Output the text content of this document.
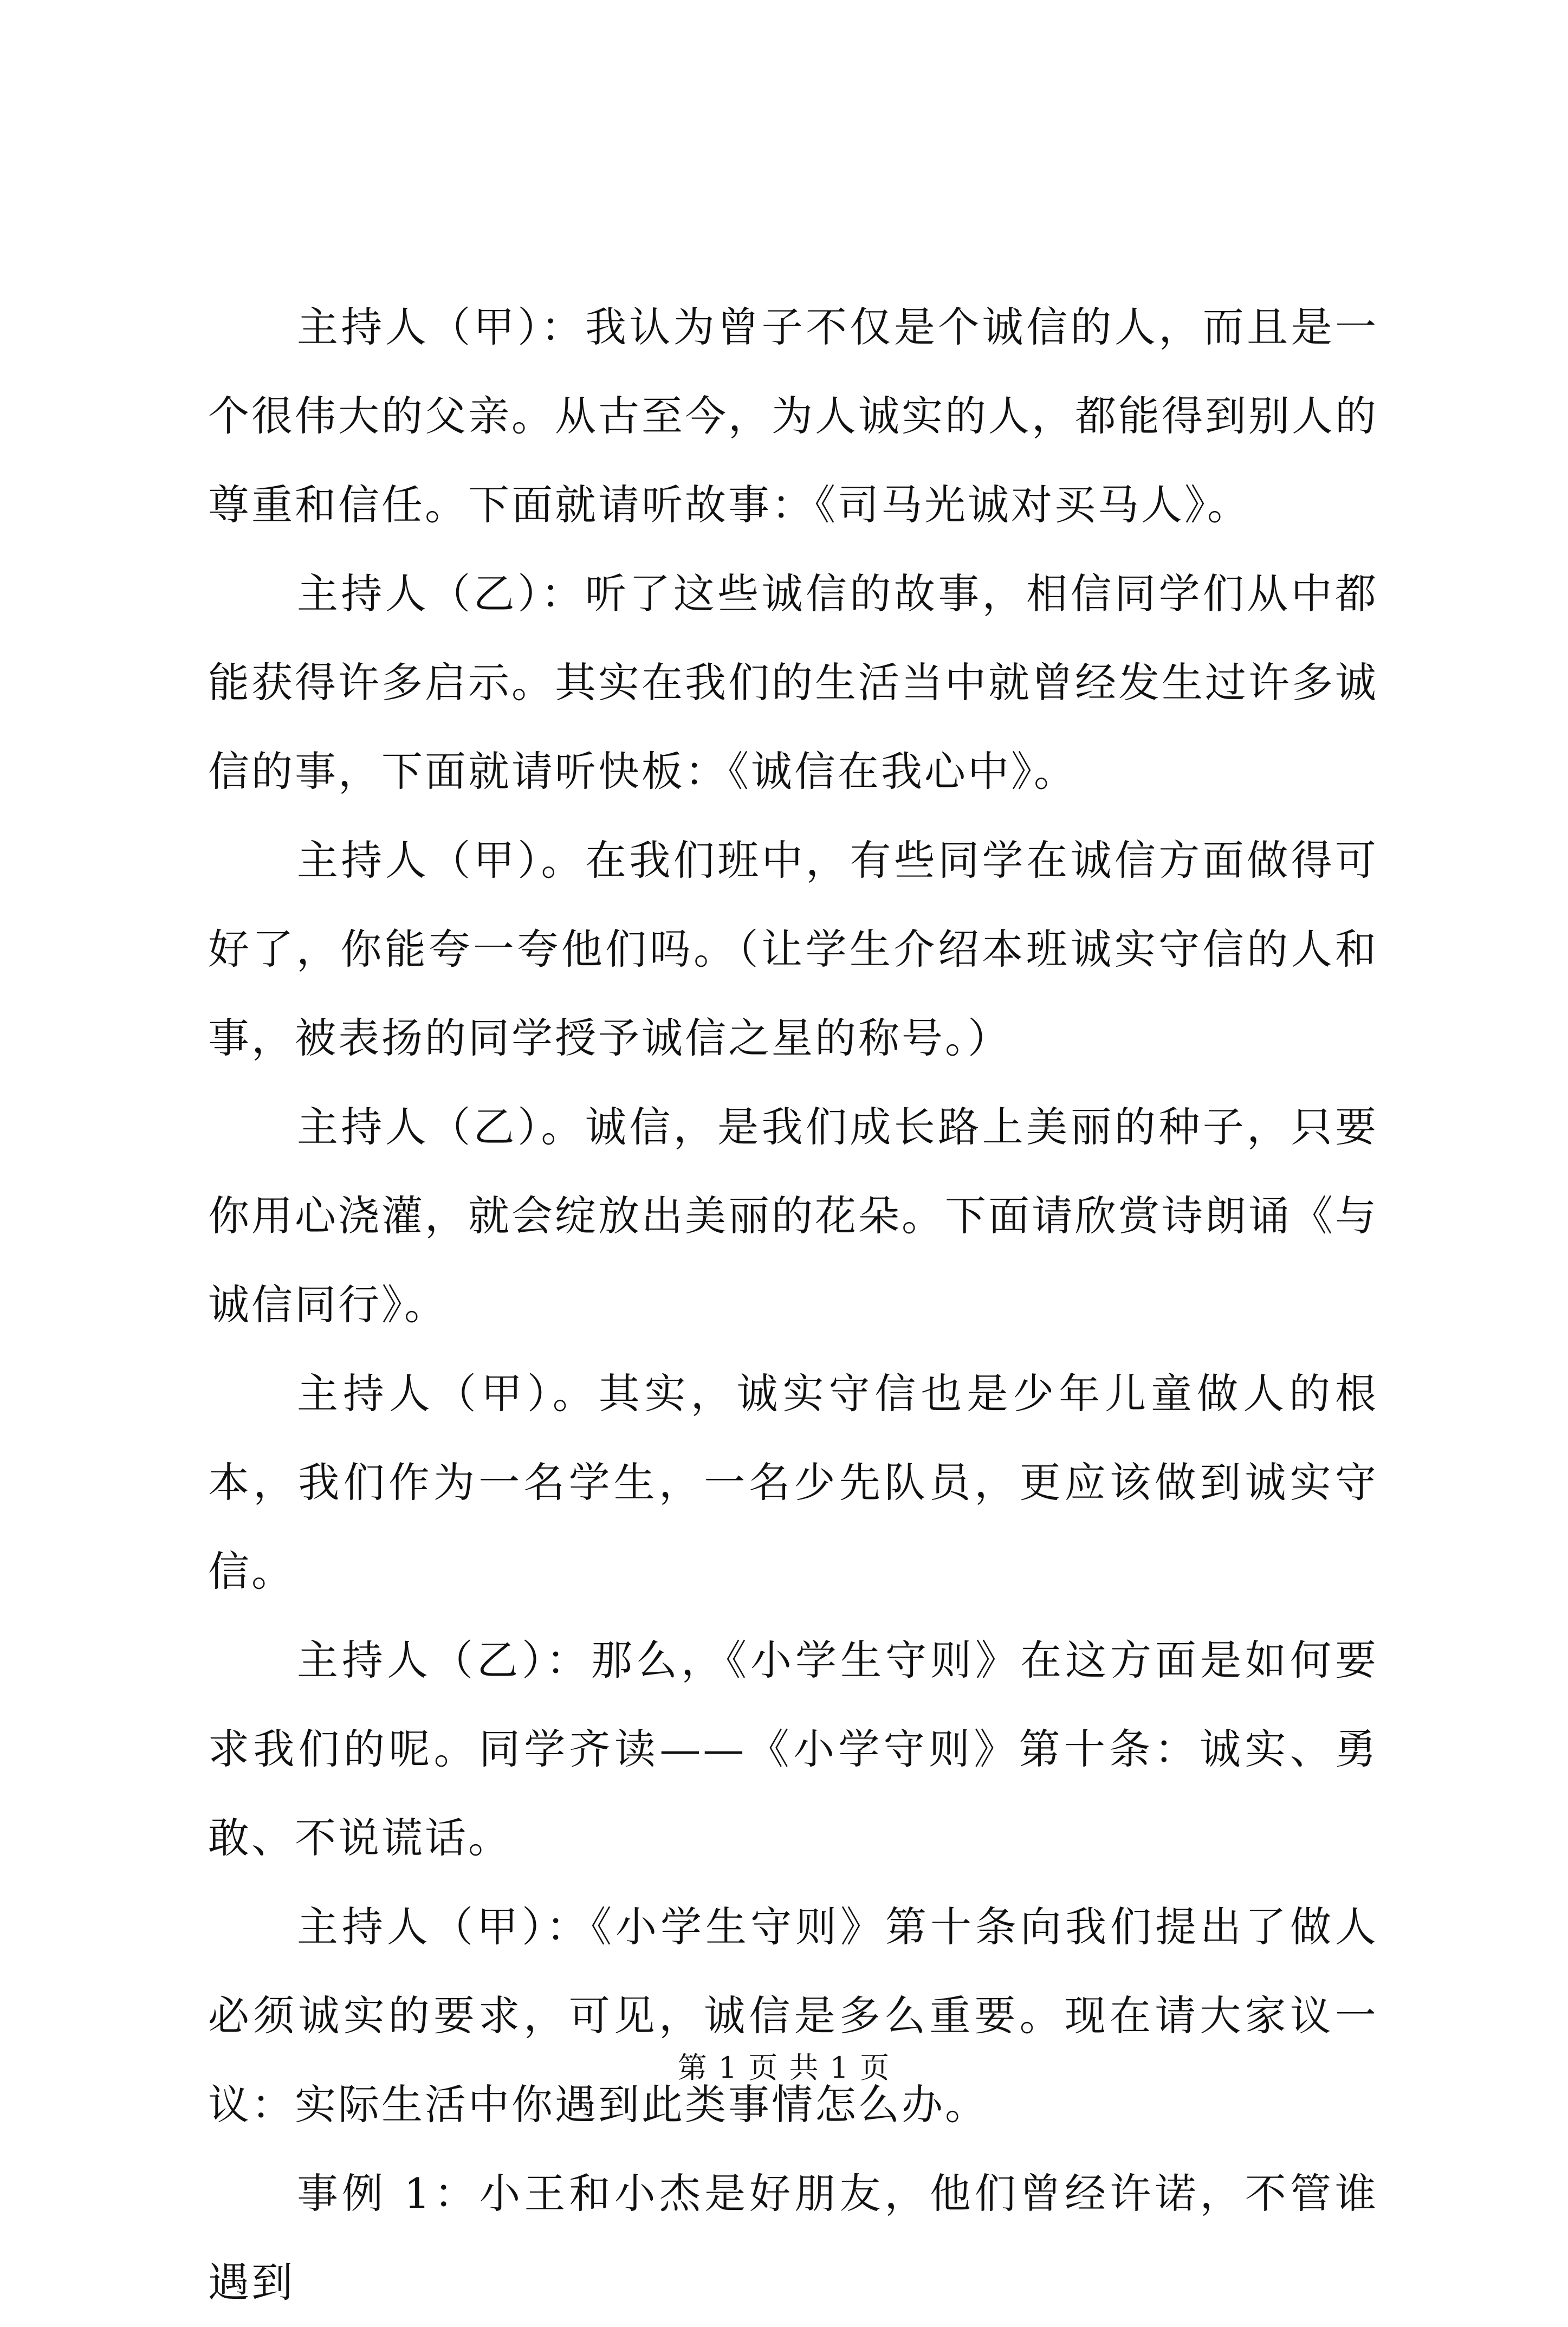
主持人（甲）：我认为曾子不仅是个诚信的人，而且是一个很伟大的父亲。从古至今，为人诚实的人，都能得到别人的尊重和信任。下面就请听故事：《司马光诚对买马人》。

主持人（乙）：听了这些诚信的故事，相信同学们从中都能获得许多启示。其实在我们的生活当中就曾经发生过许多诚信的事，下面就请听快板：《诚信在我心中》。

主持人（甲）。在我们班中，有些同学在诚信方面做得可好了，你能夸一夸他们吗。（让学生介绍本班诚实守信的人和事，被表扬的同学授予诚信之星的称号。）

主持人（乙）。诚信，是我们成长路上美丽的种子，只要你用心浇灌，就会绽放出美丽的花朵。下面请欣赏诗朗诵《与诚信同行》。

主持人（甲）。其实，诚实守信也是少年儿童做人的根本，我们作为一名学生，一名少先队员，更应该做到诚实守信。

主持人（乙）：那么，《小学生守则》在这方面是如何要求我们的呢。同学齐读——《小学守则》第十条：诚实、勇敢、不说谎话。

主持人（甲）：《小学生守则》第十条向我们提出了做人必须诚实的要求，可见，诚信是多么重要。现在请大家议一议：实际生活中你遇到此类事情怎么办。

事例 1：小王和小杰是好朋友，他们曾经许诺，不管谁遇到

第 1 页 共 1 页
